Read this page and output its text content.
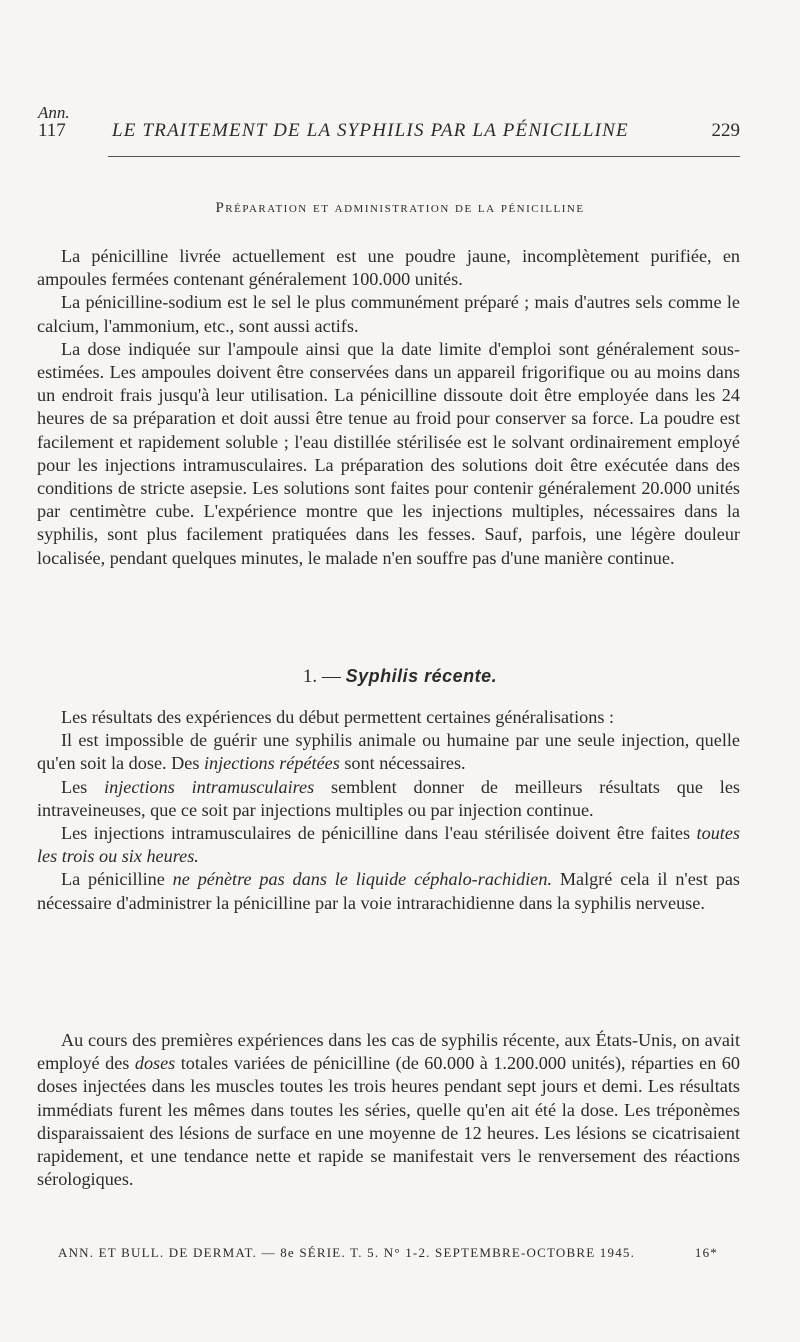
Ann.
117 LE TRAITEMENT DE LA SYPHILIS PAR LA PÉNICILLINE	229
Préparation et administration de la pénicilline

La pénicilline livrée actuellement est une poudre jaune, incomplètement purifiée, en ampoules fermées contenant généralement 100.000 unités.

La pénicilline-sodium est le sel le plus communément préparé ; mais d'autres sels comme le calcium, l'ammonium, etc., sont aussi actifs.

La dose indiquée sur l'ampoule ainsi que la date limite d'emploi sont généralement sous-estimées. Les ampoules doivent être conservées dans un appareil frigorifique ou au moins dans un endroit frais jusqu'à leur utilisation. La pénicilline dissoute doit être employée dans les 24 heures de sa préparation et doit aussi être tenue au froid pour conserver sa force. La poudre est facilement et rapidement soluble ; l'eau distillée stérilisée est le solvant ordinairement employé pour les injections intramusculaires. La préparation des solutions doit être exécutée dans des conditions de stricte asepsie. Les solutions sont faites pour contenir généralement 20.000 unités par centimètre cube. L'expérience montre que les injections multiples, nécessaires dans la syphilis, sont plus facilement pratiquées dans les fesses. Sauf, parfois, une légère douleur localisée, pendant quelques minutes, le malade n'en souffre pas d'une manière continue.

1. — Syphilis récente.

Les résultats des expériences du début permettent certaines généralisations :

Il est impossible de guérir une syphilis animale ou humaine par une seule injection, quelle qu'en soit la dose. Des injections répétées sont nécessaires.

Les injections intramusculaires semblent donner de meilleurs résultats que les intraveineuses, que ce soit par injections multiples ou par injection continue.

Les injections intramusculaires de pénicilline dans l'eau stérilisée doivent être faites toutes les trois ou six heures.

La pénicilline ne pénètre pas dans le liquide céphalo-rachidien. Malgré cela il n'est pas nécessaire d'administrer la pénicilline par la voie intrarachidienne dans la syphilis nerveuse.

Au cours des premières expériences dans les cas de syphilis récente, aux États-Unis, on avait employé des doses totales variées de pénicilline (de 60.000 à 1.200.000 unités), réparties en 60 doses injectées dans les muscles toutes les trois heures pendant sept jours et demi. Les résultats immédiats furent les mêmes dans toutes les séries, quelle qu'en ait été la dose. Les tréponèmes disparaissaient des lésions de surface en une moyenne de 12 heures. Les lésions se cicatrisaient rapidement, et une tendance nette et rapide se manifestait vers le renversement des réactions sérologiques.

ANN. ET BULL. DE DERMAT. — 8e SÉRIE. T. 5. N° 1-2. SEPTEMBRE-OCTOBRE 1945.	16*
